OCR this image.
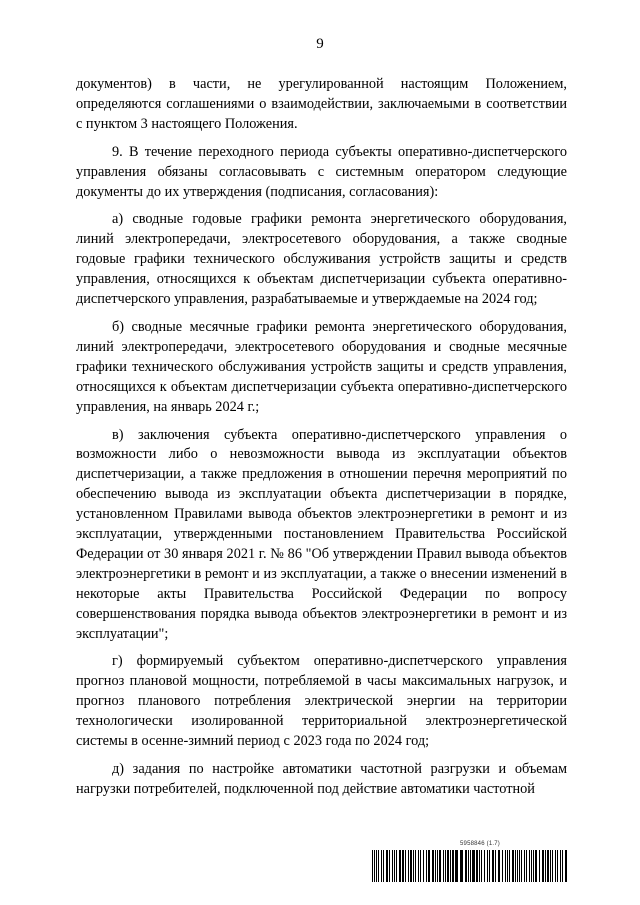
9

документов) в части, не урегулированной настоящим Положением, определяются соглашениями о взаимодействии, заключаемыми в соответствии с пунктом 3 настоящего Положения.

9. В течение переходного периода субъекты оперативно-диспетчерского управления обязаны согласовывать с системным оператором следующие документы до их утверждения (подписания, согласования):

а) сводные годовые графики ремонта энергетического оборудования, линий электропередачи, электросетевого оборудования, а также сводные годовые графики технического обслуживания устройств защиты и средств управления, относящихся к объектам диспетчеризации субъекта оперативно-диспетчерского управления, разрабатываемые и утверждаемые на 2024 год;

б) сводные месячные графики ремонта энергетического оборудования, линий электропередачи, электросетевого оборудования и сводные месячные графики технического обслуживания устройств защиты и средств управления, относящихся к объектам диспетчеризации субъекта оперативно-диспетчерского управления, на январь 2024 г.;

в) заключения субъекта оперативно-диспетчерского управления о возможности либо о невозможности вывода из эксплуатации объектов диспетчеризации, а также предложения в отношении перечня мероприятий по обеспечению вывода из эксплуатации объекта диспетчеризации в порядке, установленном Правилами вывода объектов электроэнергетики в ремонт и из эксплуатации, утвержденными постановлением Правительства Российской Федерации от 30 января 2021 г. № 86 "Об утверждении Правил вывода объектов электроэнергетики в ремонт и из эксплуатации, а также о внесении изменений в некоторые акты Правительства Российской Федерации по вопросу совершенствования порядка вывода объектов электроэнергетики в ремонт и из эксплуатации";

г) формируемый субъектом оперативно-диспетчерского управления прогноз плановой мощности, потребляемой в часы максимальных нагрузок, и прогноз планового потребления электрической энергии на территории технологически изолированной территориальной электроэнергетической системы в осенне-зимний период с 2023 года по 2024 год;

д) задания по настройке автоматики частотной разгрузки и объемам нагрузки потребителей, подключенной под действие автоматики частотной

5958846 (1.7)
